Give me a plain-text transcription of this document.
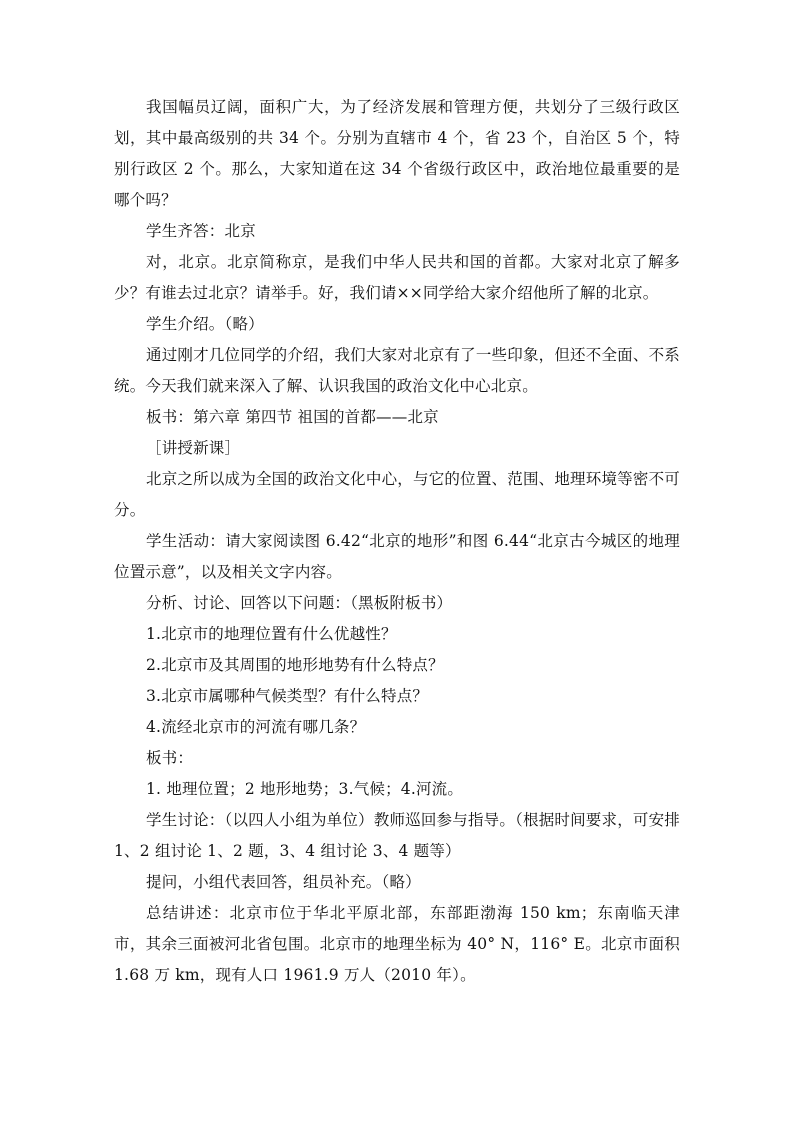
我国幅员辽阔，面积广大，为了经济发展和管理方便，共划分了三级行政区划，其中最高级别的共 34 个。分别为直辖市 4 个，省 23 个，自治区 5 个，特别行政区 2 个。那么，大家知道在这 34 个省级行政区中，政治地位最重要的是哪个吗？

学生齐答：北京

对，北京。北京简称京，是我们中华人民共和国的首都。大家对北京了解多少？有谁去过北京？请举手。好，我们请××同学给大家介绍他所了解的北京。

学生介绍。（略）

通过刚才几位同学的介绍，我们大家对北京有了一些印象，但还不全面、不系统。今天我们就来深入了解、认识我国的政治文化中心北京。

板书：第六章 第四节 祖国的首都——北京

［讲授新课］

北京之所以成为全国的政治文化中心，与它的位置、范围、地理环境等密不可分。

学生活动：请大家阅读图 6.42“北京的地形”和图 6.44“北京古今城区的地理位置示意”，以及相关文字内容。

分析、讨论、回答以下问题：（黑板附板书）

1.北京市的地理位置有什么优越性？

2.北京市及其周围的地形地势有什么特点？

3.北京市属哪种气候类型？有什么特点？

4.流经北京市的河流有哪几条？

板书：

1. 地理位置；2 地形地势；3.气候；4.河流。

学生讨论：（以四人小组为单位）教师巡回参与指导。（根据时间要求，可安排 1、2 组讨论 1、2 题，3、4 组讨论 3、4 题等）

提问，小组代表回答，组员补充。（略）

总结讲述：北京市位于华北平原北部，东部距渤海 150 km；东南临天津市，其余三面被河北省包围。北京市的地理坐标为 40° N，116° E。北京市面积 1.68 万 km，现有人口 1961.9 万人（2010 年）。
